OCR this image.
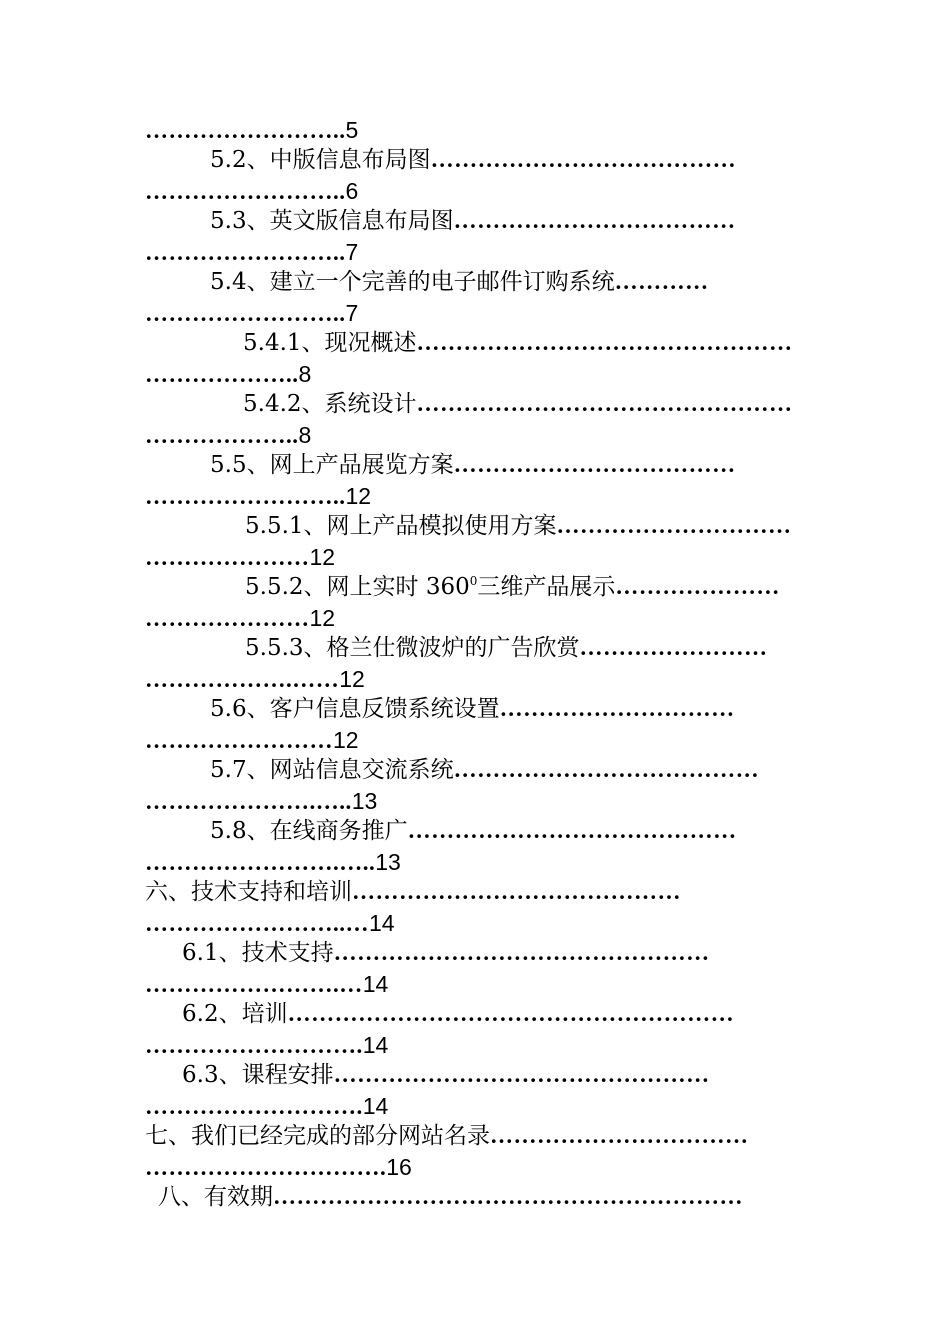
……………………..5
5.2、中版信息布局图…………………………………
……………………..6
5.3、英文版信息布局图………………………………
……………………..7
5.4、建立一个完善的电子邮件订购系统…………
……………………..7
5.4.1、现况概述…………………………………………
………………..8
5.4.2、系统设计…………………………………………
………………..8
5.5、网上产品展览方案………………………………
……………………..12
5.5.1、网上产品模拟使用方案…………………………
…………………12
5.5.2、网上实时 $360^0$三维产品展示…………………
…………………12
5.5.3、格兰仕微波炉的广告欣赏……………………
……………….……12
5.6、客户信息反馈系统设置…………………………
……………………12
5.7、网站信息交流系统…………………………………
………………….…..13
5.8、在线商务推广……………………………………
…………………….…..13
六、技术支持和培训……………………………………
……………………..…14
6.1、技术支持…………………………………………
…………………….…14
6.2、培训…………………………………………………
……………………….14
6.3、课程安排…………………………………………
……………………….14
七、我们已经完成的部分网站名录……………………………
………………………….16
八、有效期……………………………………………………
